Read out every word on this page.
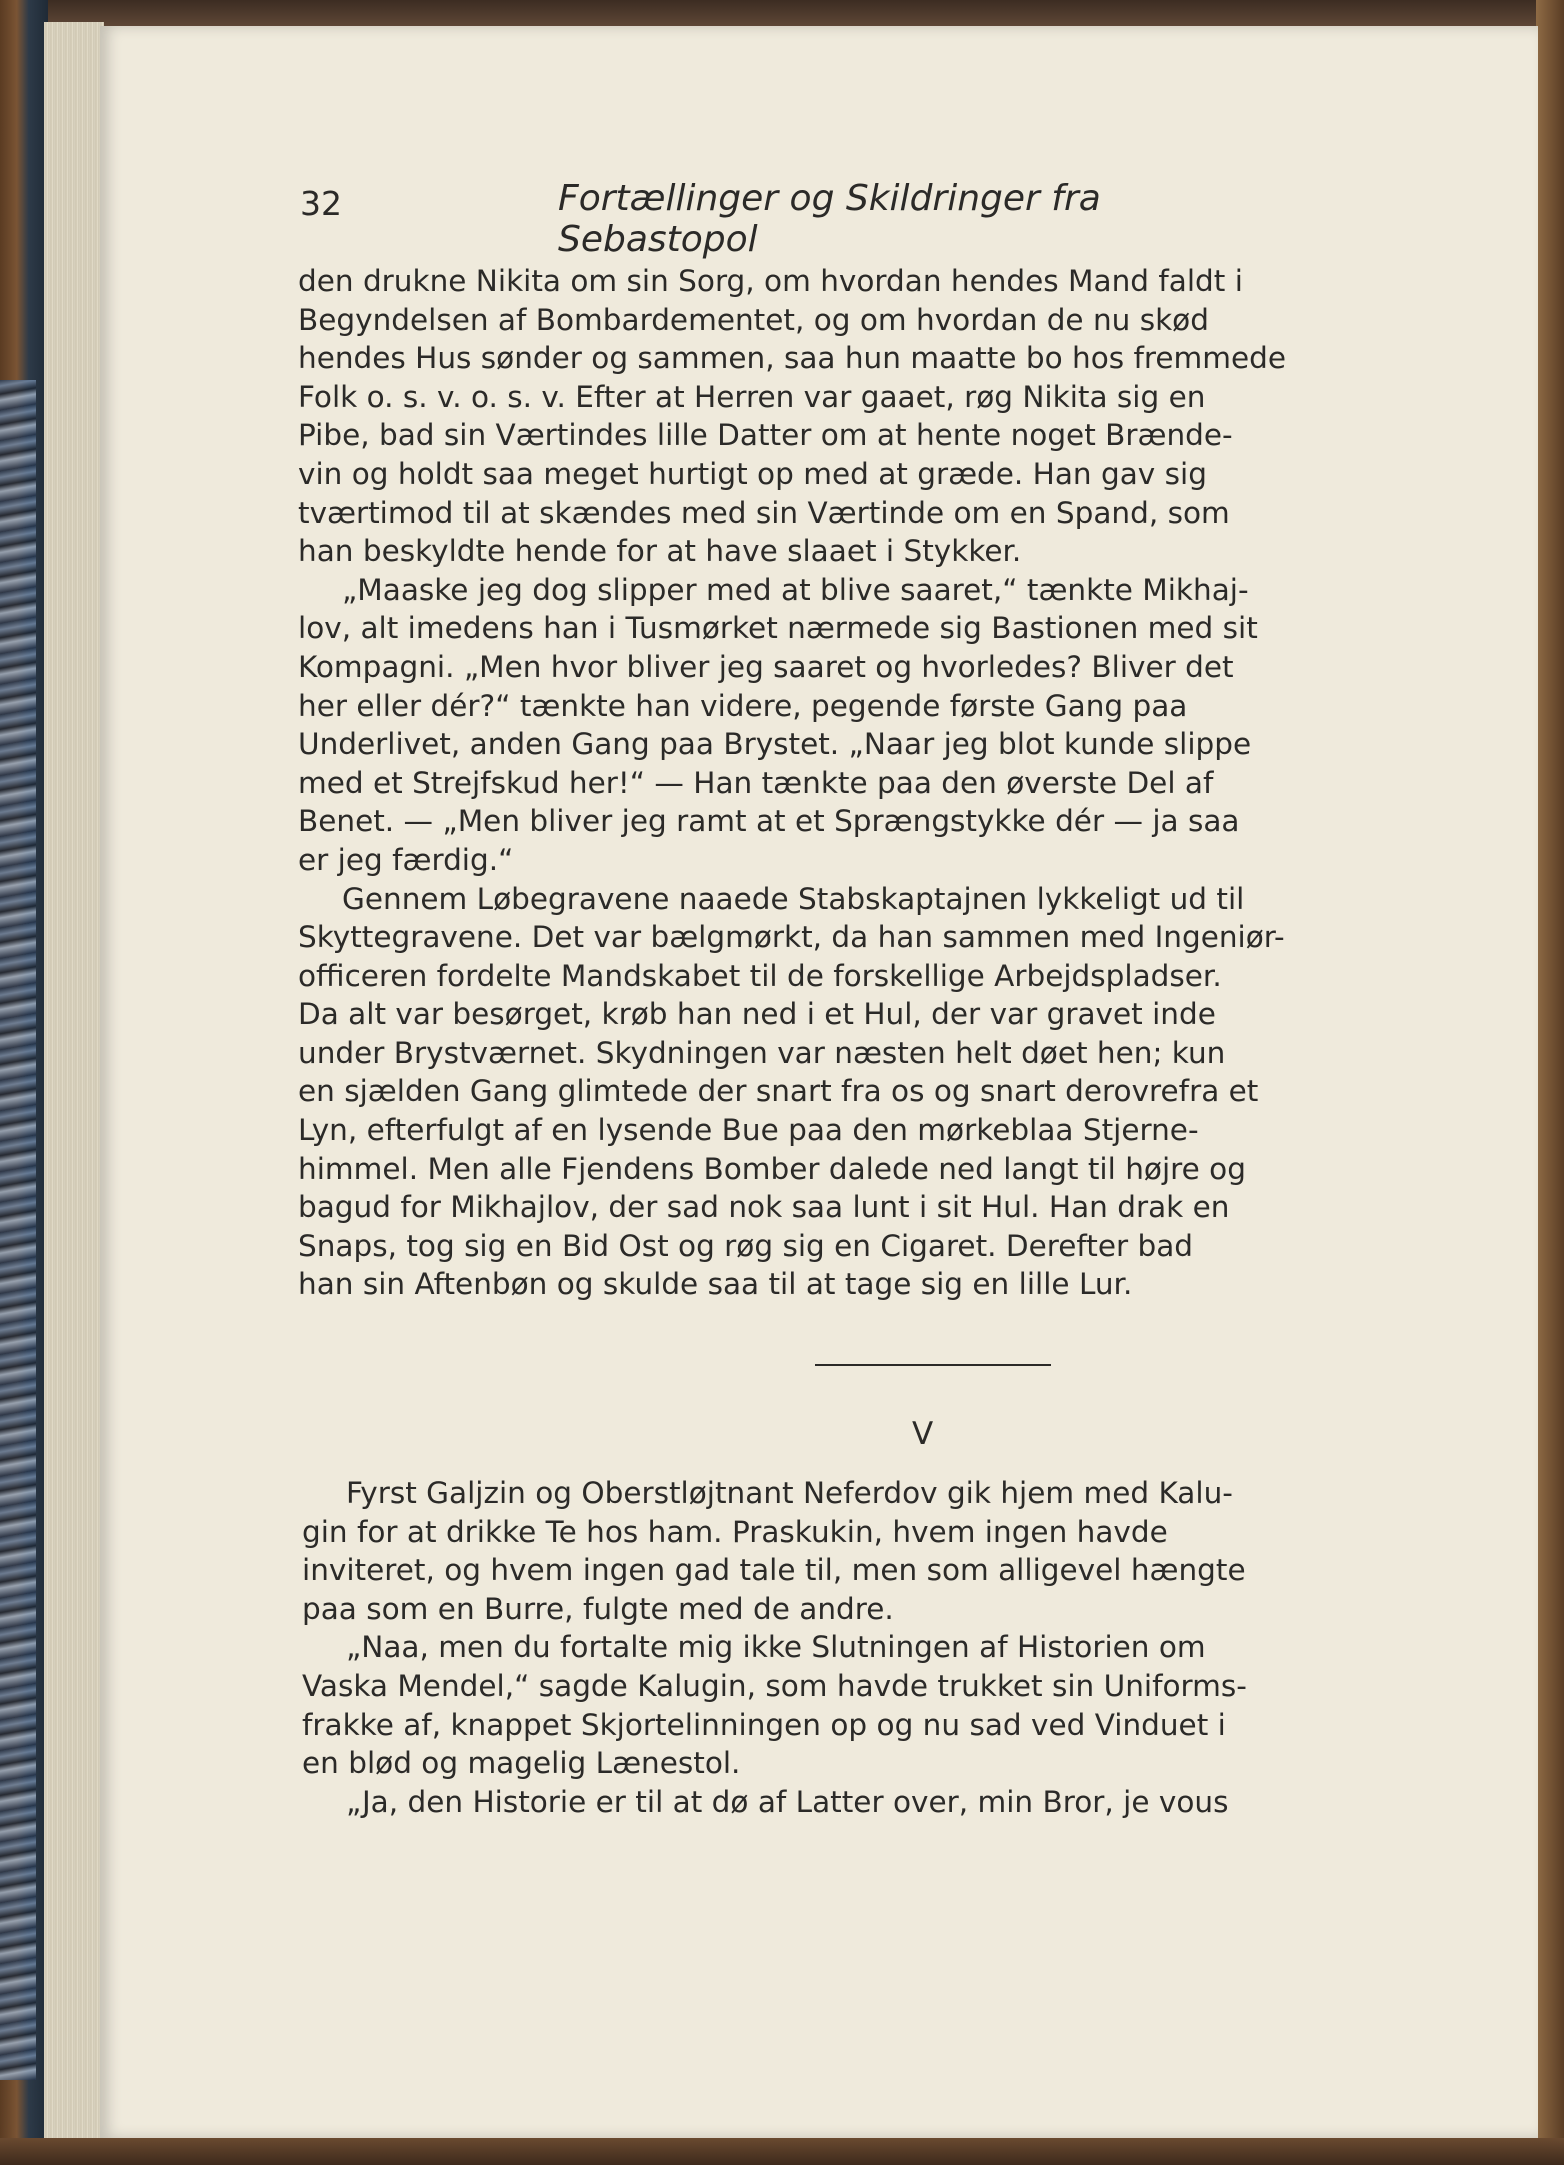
32	Fortællinger og Skildringer fra Sebastopol
den drukne Nikita om sin Sorg, om hvordan hendes Mand faldt i
Begyndelsen af Bombardementet, og om hvordan de nu skød
hendes Hus sønder og sammen, saa hun maatte bo hos fremmede
Folk o. s. v. o. s. v. Efter at Herren var gaaet, røg Nikita sig en
Pibe, bad sin Værtindes lille Datter om at hente noget Brænde-
vin og holdt saa meget hurtigt op med at græde. Han gav sig
tværtimod til at skændes med sin Værtinde om en Spand, som
han beskyldte hende for at have slaaet i Stykker.
„Maaske jeg dog slipper med at blive saaret,“ tænkte Mikhaj-
lov, alt imedens han i Tusmørket nærmede sig Bastionen med sit
Kompagni. „Men hvor bliver jeg saaret og hvorledes? Bliver det
her eller dér?“ tænkte han videre, pegende første Gang paa
Underlivet, anden Gang paa Brystet. „Naar jeg blot kunde slippe
med et Strejfskud her!“ — Han tænkte paa den øverste Del af
Benet. — „Men bliver jeg ramt at et Sprængstykke dér — ja saa
er jeg færdig.“
Gennem Løbegravene naaede Stabskaptajnen lykkeligt ud til
Skyttegravene. Det var bælgmørkt, da han sammen med Ingeniør-
officeren fordelte Mandskabet til de forskellige Arbejdspladser.
Da alt var besørget, krøb han ned i et Hul, der var gravet inde
under Brystværnet. Skydningen var næsten helt døet hen; kun
en sjælden Gang glimtede der snart fra os og snart derovrefra et
Lyn, efterfulgt af en lysende Bue paa den mørkeblaa Stjerne-
himmel. Men alle Fjendens Bomber dalede ned langt til højre og
bagud for Mikhajlov, der sad nok saa lunt i sit Hul. Han drak en
Snaps, tog sig en Bid Ost og røg sig en Cigaret. Derefter bad
han sin Aftenbøn og skulde saa til at tage sig en lille Lur.
V
Fyrst Galjzin og Oberstløjtnant Neferdov gik hjem med Kalu-
gin for at drikke Te hos ham. Praskukin, hvem ingen havde
inviteret, og hvem ingen gad tale til, men som alligevel hængte
paa som en Burre, fulgte med de andre.
„Naa, men du fortalte mig ikke Slutningen af Historien om
Vaska Mendel,“ sagde Kalugin, som havde trukket sin Uniforms-
frakke af, knappet Skjortelinningen op og nu sad ved Vinduet i
en blød og magelig Lænestol.
„Ja, den Historie er til at dø af Latter over, min Bror, je vous
